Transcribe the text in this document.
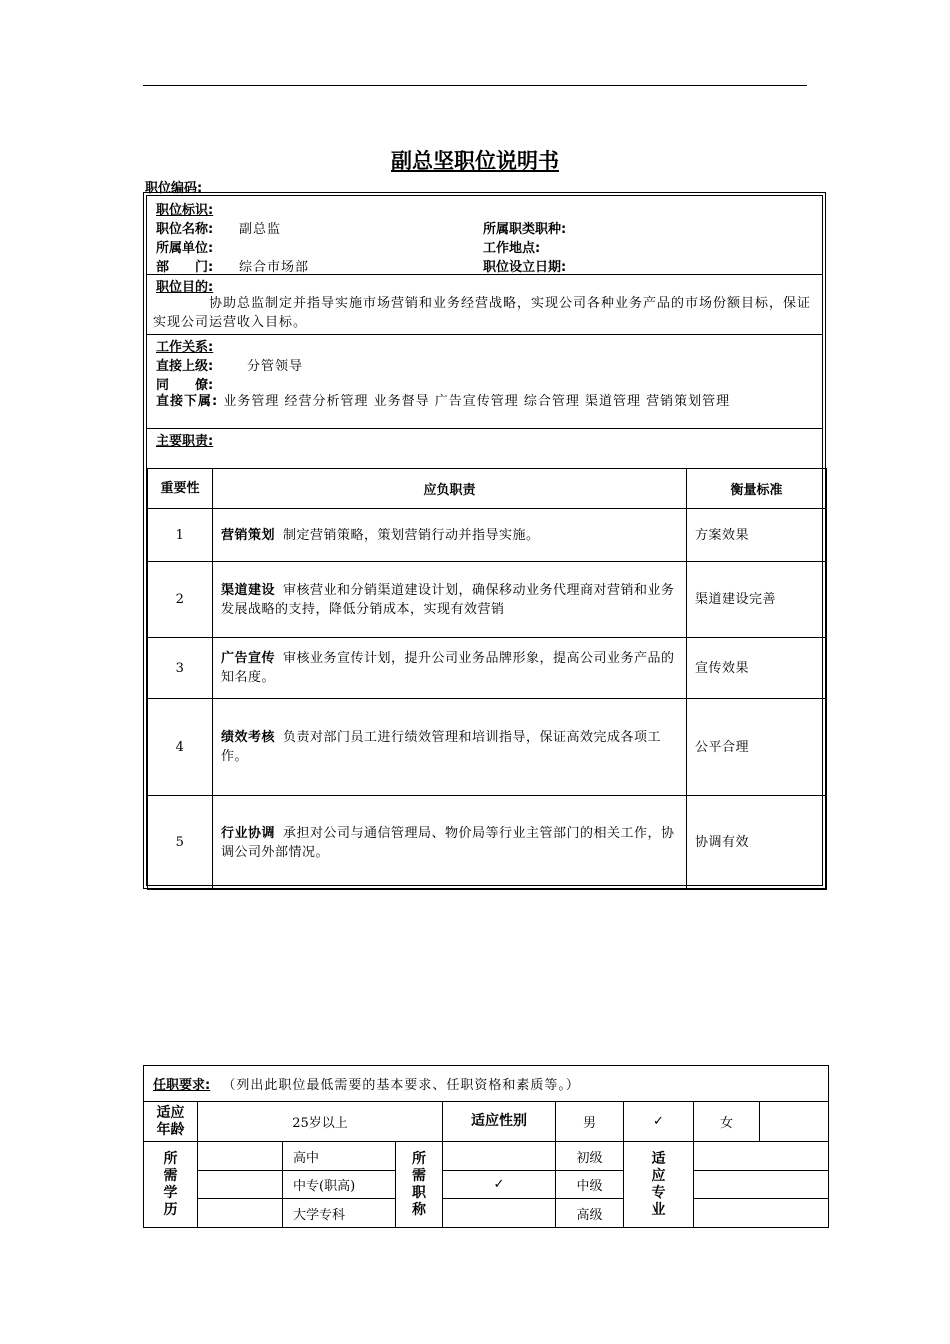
副总坚职位说明书
职位编码:
职位标识:
职位名称: 副总监	所属职类职种:
所属单位:	工作地点:
部　　门: 综合市场部	职位设立日期:
职位目的:
协助总监制定并指导实施市场营销和业务经营战略，实现公司各种业务产品的市场份额目标，保证实现公司运营收入目标。
工作关系:
直接上级:	分管领导
同　　僚:
直接下属: 业务管理 经营分析管理 业务督导 广告宣传管理 综合管理 渠道管理 营销策划管理
主要职责:
重要性	应负职责	衡量标准
1	营销策划 制定营销策略，策划营销行动并指导实施。	方案效果
2	渠道建设 审核营业和分销渠道建设计划，确保移动业务代理商对营销和业务发展战略的支持，降低分销成本，实现有效营销	渠道建设完善
3	广告宣传 审核业务宣传计划，提升公司业务品牌形象，提高公司业务产品的知名度。	宣传效果
4	绩效考核 负责对部门员工进行绩效管理和培训指导，保证高效完成各项工作。	公平合理
5	行业协调 承担对公司与通信管理局、物价局等行业主管部门的相关工作，协调公司外部情况。	协调有效
任职要求: （列出此职位最低需要的基本要求、任职资格和素质等。）								
适应年龄	25岁以上			适应性别	男	✓	女	
所需学历		高中	所需职称		初级	适应专业		
		中专(职高)		✓	中级			
		大学专科			高级			
